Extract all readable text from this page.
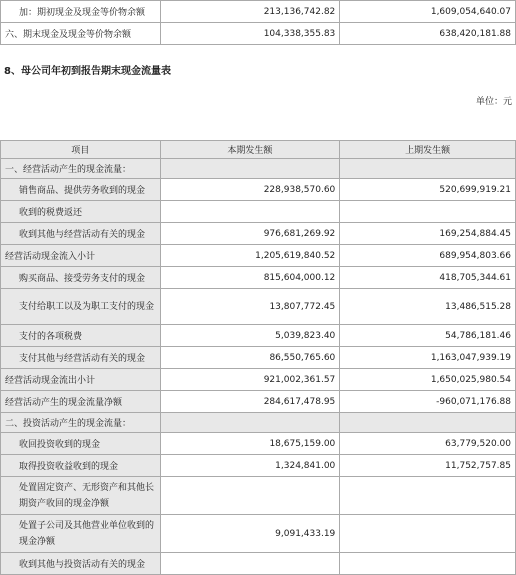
加：期初现金及现金等价物余额	213,136,742.82	1,609,054,640.07
六、期末现金及现金等价物余额	104,338,355.83	638,420,181.88
8、母公司年初到报告期末现金流量表
单位：元
项目	本期发生额	上期发生额
一、经营活动产生的现金流量：		
销售商品、提供劳务收到的现金	228,938,570.60	520,699,919.21
收到的税费返还		
收到其他与经营活动有关的现金	976,681,269.92	169,254,884.45
经营活动现金流入小计	1,205,619,840.52	689,954,803.66
购买商品、接受劳务支付的现金	815,604,000.12	418,705,344.61
支付给职工以及为职工支付的现金	13,807,772.45	13,486,515.28
支付的各项税费	5,039,823.40	54,786,181.46
支付其他与经营活动有关的现金	86,550,765.60	1,163,047,939.19
经营活动现金流出小计	921,002,361.57	1,650,025,980.54
经营活动产生的现金流量净额	284,617,478.95	-960,071,176.88
二、投资活动产生的现金流量：		
收回投资收到的现金	18,675,159.00	63,779,520.00
取得投资收益收到的现金	1,324,841.00	11,752,757.85
处置固定资产、无形资产和其他长期资产收回的现金净额		
处置子公司及其他营业单位收到的现金净额	9,091,433.19	
收到其他与投资活动有关的现金		
